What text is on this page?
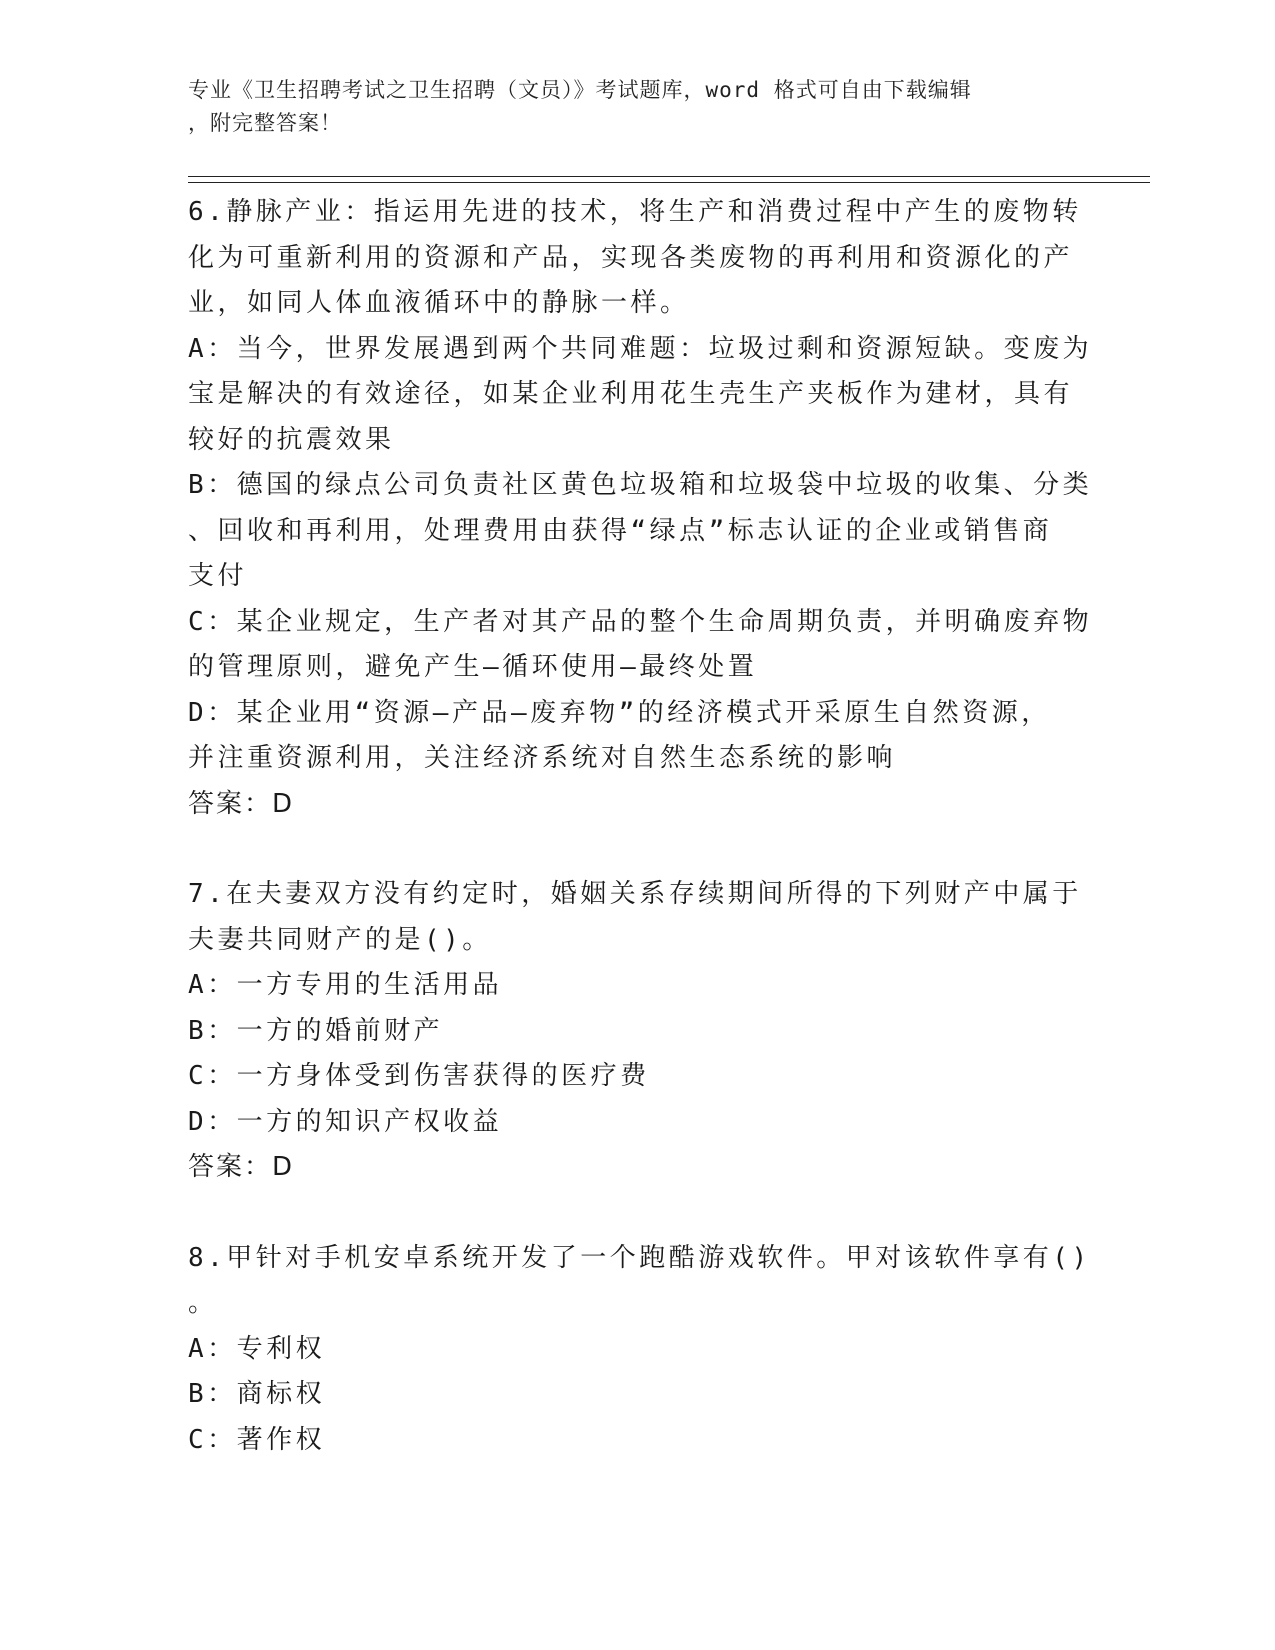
专业《卫生招聘考试之卫生招聘（文员）》考试题库，word 格式可自由下载编辑
，附完整答案！
6.静脉产业：指运用先进的技术，将生产和消费过程中产生的废物转
化为可重新利用的资源和产品，实现各类废物的再利用和资源化的产
业，如同人体血液循环中的静脉一样。
A：当今，世界发展遇到两个共同难题：垃圾过剩和资源短缺。变废为
宝是解决的有效途径，如某企业利用花生壳生产夹板作为建材，具有
较好的抗震效果
B：德国的绿点公司负责社区黄色垃圾箱和垃圾袋中垃圾的收集、分类
、回收和再利用，处理费用由获得“绿点”标志认证的企业或销售商
支付
C：某企业规定，生产者对其产品的整个生命周期负责，并明确废弃物
的管理原则，避免产生—循环使用—最终处置
D：某企业用“资源—产品—废弃物”的经济模式开采原生自然资源，
并注重资源利用，关注经济系统对自然生态系统的影响
答案：D
7.在夫妻双方没有约定时，婚姻关系存续期间所得的下列财产中属于
夫妻共同财产的是()。
A：一方专用的生活用品
B：一方的婚前财产
C：一方身体受到伤害获得的医疗费
D：一方的知识产权收益
答案：D
8.甲针对手机安卓系统开发了一个跑酷游戏软件。甲对该软件享有()
。
A：专利权
B：商标权
C：著作权
